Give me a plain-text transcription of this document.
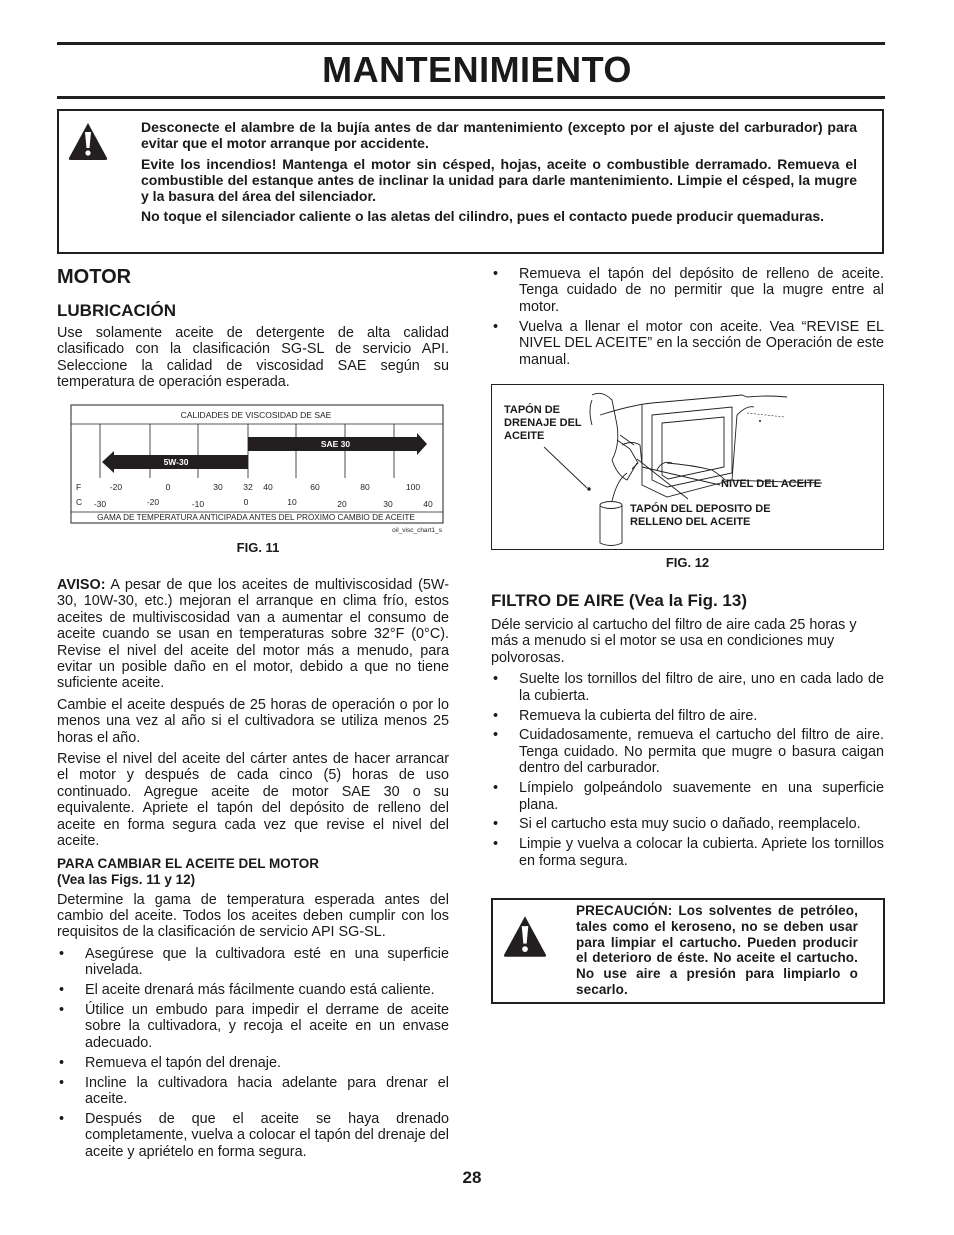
MANTENIMIENTO

Desconecte el alambre de la bujía antes de dar mantenimiento (excepto por el ajuste del carburador) para evitar que el motor arranque por accidente.

Evite los incendios! Mantenga el motor sin césped, hojas, aceite o combustible derramado. Remueva el combustible del estanque antes de inclinar la unidad para darle mantenimiento. Limpie el césped, la mugre y la basura del área del silenciador.

No toque el silenciador caliente o las aletas del cilindro, pues el contacto puede producir quemaduras.

MOTOR
LUBRICACIÓN

Use solamente aceite de detergente de alta calidad clasificado con la clasificación SG-SL de servicio API. Seleccione la calidad de viscosidad SAE según su temperatura de operación esperada.

CALIDADES DE VISCOSIDAD DE SAE
SAE 30
5W-30
F
C
-20	0	30 32 40	60	80	100
-30	-20	-10	0	10	20	30	40
GAMA DE TEMPERATURA ANTICIPADA ANTES DEL PROXIMO CAMBIO DE ACEITE
oil_visc_chart1_s
FIG. 11

AVISO: A pesar de que los aceites de multiviscosidad (5W-30, 10W-30, etc.) mejoran el arranque en clima frío, estos aceites de multiviscosidad van a aumentar el consumo de aceite cuando se usan en temperaturas sobre 32°F (0°C). Revise el nivel del aceite del motor más a menudo, para evitar un posible daño en el motor, debido a que no tiene suficiente aceite.

Cambie el aceite después de 25 horas de operación o por lo menos una vez al año si el cultivadora se utiliza menos 25 horas el año.

Revise el nivel del aceite del cárter antes de hacer arrancar el motor y después de cada cinco (5) horas de uso continuado. Agregue aceite de motor SAE 30 o su equivalente. Apriete el tapón del depósito de relleno del aceite en forma segura cada vez que revise el nivel del aceite.

PARA CAMBIAR EL ACEITE DEL MOTOR
(Vea las Figs. 11 y 12)

Determine la gama de temperatura esperada antes del cambio del aceite. Todos los aceites deben cumplir con los requisitos de la clasificación de servicio API SG-SL.

• Asegúrese que la cultivadora esté en una superficie nivelada.
• El aceite drenará más fácilmente cuando está caliente.
• Útilice un embudo para impedir el derrame de aceite sobre la cultivadora, y recoja el aceite en un envase adecuado.
• Remueva el tapón del drenaje.
• Incline la cultivadora hacia adelante para drenar el aceite.
• Después de que el aceite se haya drenado completamente, vuelva a colocar el tapón del drenaje del aceite y apriételo en forma segura.
• Remueva el tapón del depósito de relleno de aceite. Tenga cuidado de no permitir que la mugre entre al motor.
• Vuelva a llenar el motor con aceite. Vea “REVISE EL NIVEL DEL ACEITE” en la sección de Operación de este manual.
TAPÓN DE DRENAJE DEL ACEITE
NIVEL DEL ACEITE
TAPÓN DEL DEPOSITO DE RELLENO DEL ACEITE
FIG. 12
FILTRO DE AIRE (Vea la Fig. 13)

Déle servicio al cartucho del filtro de aire cada 25 horas y más a menudo si el motor se usa en condiciones muy polvorosas.

• Suelte los tornillos del filtro de aire, uno en cada lado de la cubierta.
• Remueva la cubierta del filtro de aire.
• Cuidadosamente, remueva el cartucho del filtro de aire. Tenga cuidado. No permita que mugre o basura caigan dentro del carburador.
• Límpielo golpeándolo suavemente en una superficie plana.
• Si el cartucho esta muy sucio o dañado, reemplacelo.
• Limpie y vuelva a colocar la cubierta. Apriete los tornillos en forma segura.

PRECAUCIÓN: Los solventes de petróleo, tales como el keroseno, no se deben usar para limpiar el cartucho. Pueden producir el deterioro de éste. No aceite el cartucho. No use aire a presión para limpiarlo o secarlo.

28
